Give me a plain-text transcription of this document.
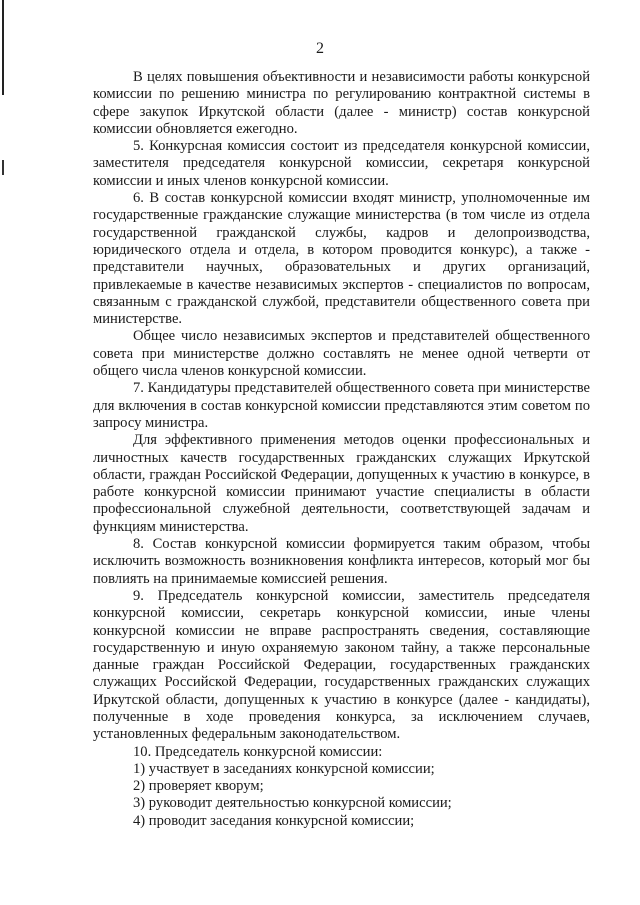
2

В целях повышения объективности и независимости работы конкурсной комиссии по решению министра по регулированию контрактной системы в сфере закупок Иркутской области (далее - министр) состав конкурсной комиссии обновляется ежегодно.

5. Конкурсная комиссия состоит из председателя конкурсной комиссии, заместителя председателя конкурсной комиссии, секретаря конкурсной комиссии и иных членов конкурсной комиссии.

6. В состав конкурсной комиссии входят министр, уполномоченные им государственные гражданские служащие министерства (в том числе из отдела государственной гражданской службы, кадров и делопроизводства, юридического отдела и отдела, в котором проводится конкурс), а также - представители научных, образовательных и других организаций, привлекаемые в качестве независимых экспертов - специалистов по вопросам, связанным с гражданской службой, представители общественного совета при министерстве.

Общее число независимых экспертов и представителей общественного совета при министерстве должно составлять не менее одной четверти от общего числа членов конкурсной комиссии.

7. Кандидатуры представителей общественного совета при министерстве для включения в состав конкурсной комиссии представляются этим советом по запросу министра.

Для эффективного применения методов оценки профессиональных и личностных качеств государственных гражданских служащих Иркутской области, граждан Российской Федерации, допущенных к участию в конкурсе, в работе конкурсной комиссии принимают участие специалисты в области профессиональной служебной деятельности, соответствующей задачам и функциям министерства.

8. Состав конкурсной комиссии формируется таким образом, чтобы исключить возможность возникновения конфликта интересов, который мог бы повлиять на принимаемые комиссией решения.

9. Председатель конкурсной комиссии, заместитель председателя конкурсной комиссии, секретарь конкурсной комиссии, иные члены конкурсной комиссии не вправе распространять сведения, составляющие государственную и иную охраняемую законом тайну, а также персональные данные граждан Российской Федерации, государственных гражданских служащих Российской Федерации, государственных гражданских служащих Иркутской области, допущенных к участию в конкурсе (далее - кандидаты), полученные в ходе проведения конкурса, за исключением случаев, установленных федеральным законодательством.

10. Председатель конкурсной комиссии:

1) участвует в заседаниях конкурсной комиссии;

2) проверяет кворум;

3) руководит деятельностью конкурсной комиссии;

4) проводит заседания конкурсной комиссии;
